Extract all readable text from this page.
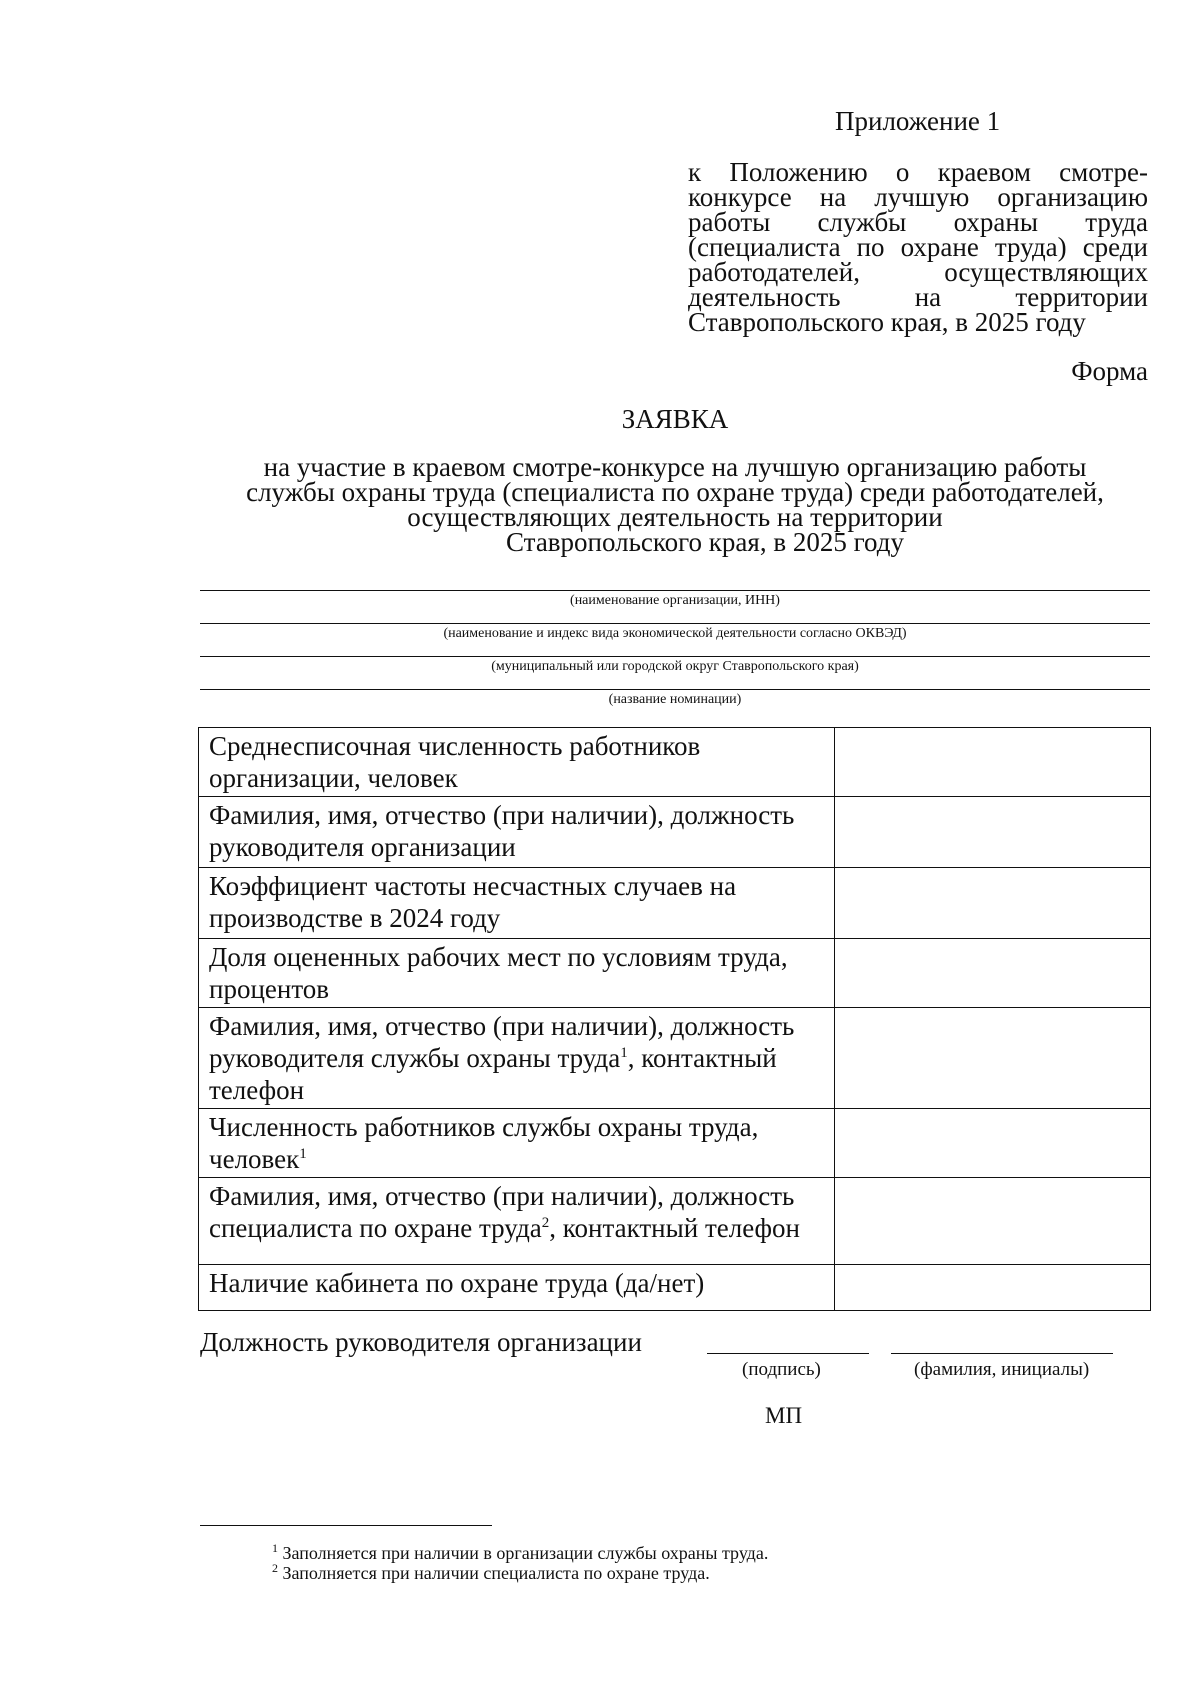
Приложение 1
к Положению о краевом смотре-конкурсе на лучшую организацию работы службы охраны труда (специалиста по охране труда) среди работодателей, осуществляющих деятельность на территории Ставропольского края, в 2025 году
Форма
ЗАЯВКА
на участие в краевом смотре-конкурсе на лучшую организацию работы
службы охраны труда (специалиста по охране труда) среди работодателей,
осуществляющих деятельность на территории
Ставропольского края, в 2025 году
(наименование организации, ИНН)
(наименование и индекс вида экономической деятельности согласно ОКВЭД)
(муниципальный или городской округ Ставропольского края)
(название номинации)
Среднесписочная численность работников организации, человек	
Фамилия, имя, отчество (при наличии), должность руководителя организации	
Коэффициент частоты несчастных случаев на производстве в 2024 году	
Доля оцененных рабочих мест по условиям труда, процентов	
Фамилия, имя, отчество (при наличии), должность руководителя службы охраны труда$^1$, контактный телефон	
Численность работников службы охраны труда, человек$^1$	
Фамилия, имя, отчество (при наличии), должность специалиста по охране труда$^2$, контактный телефон	
Наличие кабинета по охране труда (да/нет)	
Должность руководителя организации
(подпись)	(фамилия, инициалы)
МП
$^1$ Заполняется при наличии в организации службы охраны труда.
$^2$ Заполняется при наличии специалиста по охране труда.
